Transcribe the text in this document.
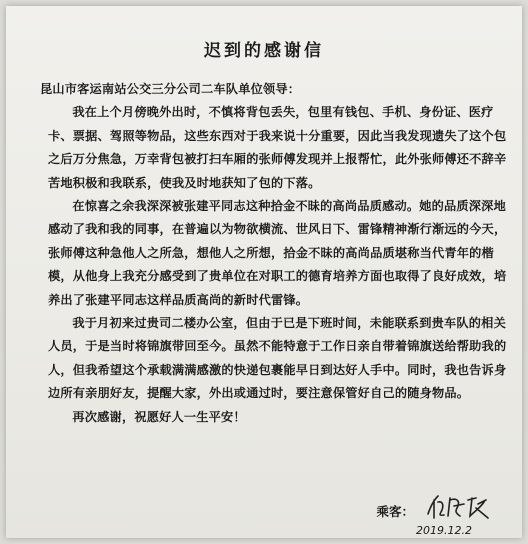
迟到的感谢信

昆山市客运南站公交三分公司二车队单位领导：

我在上个月傍晚外出时，不慎将背包丢失，包里有钱包、手机、身份证、医疗卡、票据、驾照等物品，这些东西对于我来说十分重要，因此当我发现遗失了这个包之后万分焦急，万幸背包被打扫车厢的张师傅发现并上报帮忙，此外张师傅还不辞辛苦地积极和我联系，使我及时地获知了包的下落。

在惊喜之余我深深被张建平同志这种拾金不昧的高尚品质感动。她的品质深深地感动了我和我的同事，在普遍以为物欲横流、世风日下、雷锋精神渐行渐远的今天，张师傅这种急他人之所急，想他人之所想，拾金不昧的高尚品质堪称当代青年的楷模，从他身上我充分感受到了贵单位在对职工的德育培养方面也取得了良好成效，培养出了张建平同志这样品质高尚的新时代雷锋。

我于月初来过贵司二楼办公室，但由于已是下班时间，未能联系到贵车队的相关人员，于是当时将锦旗带回至今。虽然不能特意于工作日亲自带着锦旗送给帮助我的人，但我希望这个承载满满感激的快递包裹能早日到达好人手中。同时，我也告诉身边所有亲朋好友，提醒大家，外出或通过时，要注意保管好自己的随身物品。

再次感谢，祝愿好人一生平安！

乘客：
2019.12.2
